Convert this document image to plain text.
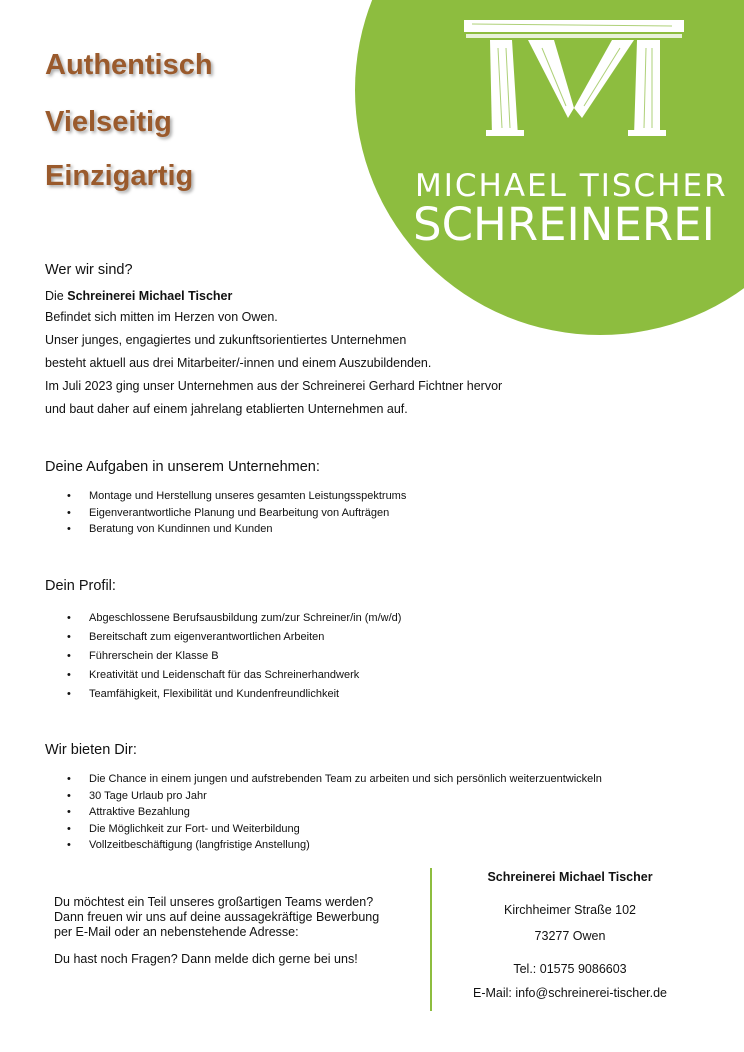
MICHAEL TISCHER
SCHREINEREI
Authentisch
Vielseitig
Einzigartig
Wer wir sind?
Die Schreinerei Michael Tischer
Befindet sich mitten im Herzen von Owen.
Unser junges, engagiertes und zukunftsorientiertes Unternehmen
besteht aktuell aus drei Mitarbeiter/-innen und einem Auszubildenden.
Im Juli 2023 ging unser Unternehmen aus der Schreinerei Gerhard Fichtner hervor
und baut daher auf einem jahrelang etablierten Unternehmen auf.
Deine Aufgaben in unserem Unternehmen:
• Montage und Herstellung unseres gesamten Leistungsspektrums
• Eigenverantwortliche Planung und Bearbeitung von Aufträgen
• Beratung von Kundinnen und Kunden
Dein Profil:
• Abgeschlossene Berufsausbildung zum/zur Schreiner/in (m/w/d)
• Bereitschaft zum eigenverantwortlichen Arbeiten
• Führerschein der Klasse B
• Kreativität und Leidenschaft für das Schreinerhandwerk
• Teamfähigkeit, Flexibilität und Kundenfreundlichkeit
Wir bieten Dir:
• Die Chance in einem jungen und aufstrebenden Team zu arbeiten und sich persönlich weiterzuentwickeln
• 30 Tage Urlaub pro Jahr
• Attraktive Bezahlung
• Die Möglichkeit zur Fort- und Weiterbildung
• Vollzeitbeschäftigung (langfristige Anstellung)
Du möchtest ein Teil unseres großartigen Teams werden?
Dann freuen wir uns auf deine aussagekräftige Bewerbung
per E-Mail oder an nebenstehende Adresse:
Du hast noch Fragen? Dann melde dich gerne bei uns!
Schreinerei Michael Tischer
Kirchheimer Straße 102
73277 Owen
Tel.: 01575 9086603
E-Mail: info@schreinerei-tischer.de
